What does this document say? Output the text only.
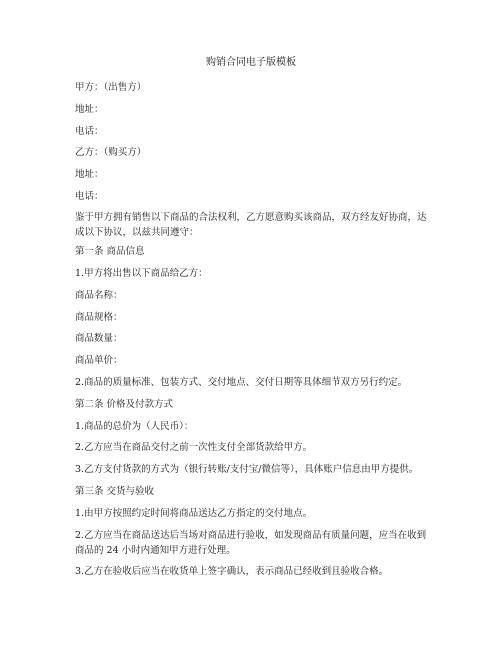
购销合同电子版模板
甲方：（出售方）
地址：
电话：
乙方：（购买方）
地址：
电话：
鉴于甲方拥有销售以下商品的合法权利，乙方愿意购买该商品，双方经友好协商，达成以下协议，以兹共同遵守：
第一条 商品信息
1.甲方将出售以下商品给乙方：
商品名称：
商品规格：
商品数量：
商品单价：
2.商品的质量标准、包装方式、交付地点、交付日期等具体细节双方另行约定。
第二条 价格及付款方式
1.商品的总价为（人民币）：
2.乙方应当在商品交付之前一次性支付全部货款给甲方。
3.乙方支付货款的方式为（银行转账/支付宝/微信等），具体账户信息由甲方提供。
第三条 交货与验收
1.由甲方按照约定时间将商品送达乙方指定的交付地点。
2.乙方应当在商品送达后当场对商品进行验收，如发现商品有质量问题，应当在收到商品的 24 小时内通知甲方进行处理。
3.乙方在验收后应当在收货单上签字确认，表示商品已经收到且验收合格。
